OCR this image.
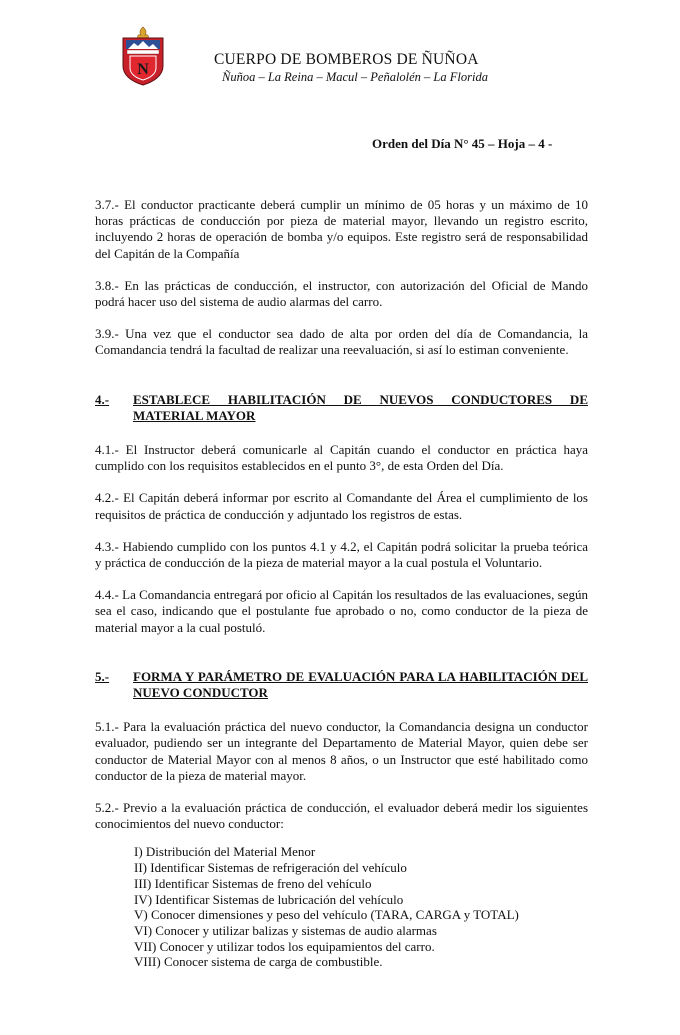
N
CUERPO DE BOMBEROS DE ÑUÑOA
Ñuñoa – La Reina – Macul – Peñalolén – La Florida
Orden del Día N° 45 – Hoja – 4 -

3.7.- El conductor practicante deberá cumplir un mínimo de 05 horas y un máximo de 10 horas prácticas de conducción por pieza de material mayor, llevando un registro escrito, incluyendo 2 horas de operación de bomba y/o equipos. Este registro será de responsabilidad del Capitán de la Compañía

3.8.- En las prácticas de conducción, el instructor, con autorización del Oficial de Mando podrá hacer uso del sistema de audio alarmas del carro.

3.9.- Una vez que el conductor sea dado de alta por orden del día de Comandancia, la Comandancia tendrá la facultad de realizar una reevaluación, si así lo estiman conveniente.

4.-	ESTABLECE HABILITACIÓN DE NUEVOS CONDUCTORES DE MATERIAL MAYOR

4.1.- El Instructor deberá comunicarle al Capitán cuando el conductor en práctica haya cumplido con los requisitos establecidos en el punto 3°, de esta Orden del Día.

4.2.- El Capitán deberá informar por escrito al Comandante del Área el cumplimiento de los requisitos de práctica de conducción y adjuntado los registros de estas.

4.3.- Habiendo cumplido con los puntos 4.1 y 4.2, el Capitán podrá solicitar la prueba teórica y práctica de conducción de la pieza de material mayor a la cual postula el Voluntario.

4.4.- La Comandancia entregará por oficio al Capitán los resultados de las evaluaciones, según sea el caso, indicando que el postulante fue aprobado o no, como conductor de la pieza de material mayor a la cual postuló.

5.-	FORMA Y PARÁMETRO DE EVALUACIÓN PARA LA HABILITACIÓN DEL NUEVO CONDUCTOR

5.1.- Para la evaluación práctica del nuevo conductor, la Comandancia designa un conductor evaluador, pudiendo ser un integrante del Departamento de Material Mayor, quien debe ser conductor de Material Mayor con al menos 8 años, o un Instructor que esté habilitado como conductor de la pieza de material mayor.

5.2.- Previo a la evaluación práctica de conducción, el evaluador deberá medir los siguientes conocimientos del nuevo conductor:

I) Distribución del Material Menor
II) Identificar Sistemas de refrigeración del vehículo
III) Identificar Sistemas de freno del vehículo
IV) Identificar Sistemas de lubricación del vehículo
V) Conocer dimensiones y peso del vehículo (TARA, CARGA y TOTAL)
VI) Conocer y utilizar balizas y sistemas de audio alarmas
VII) Conocer y utilizar todos los equipamientos del carro.
VIII) Conocer sistema de carga de combustible.
